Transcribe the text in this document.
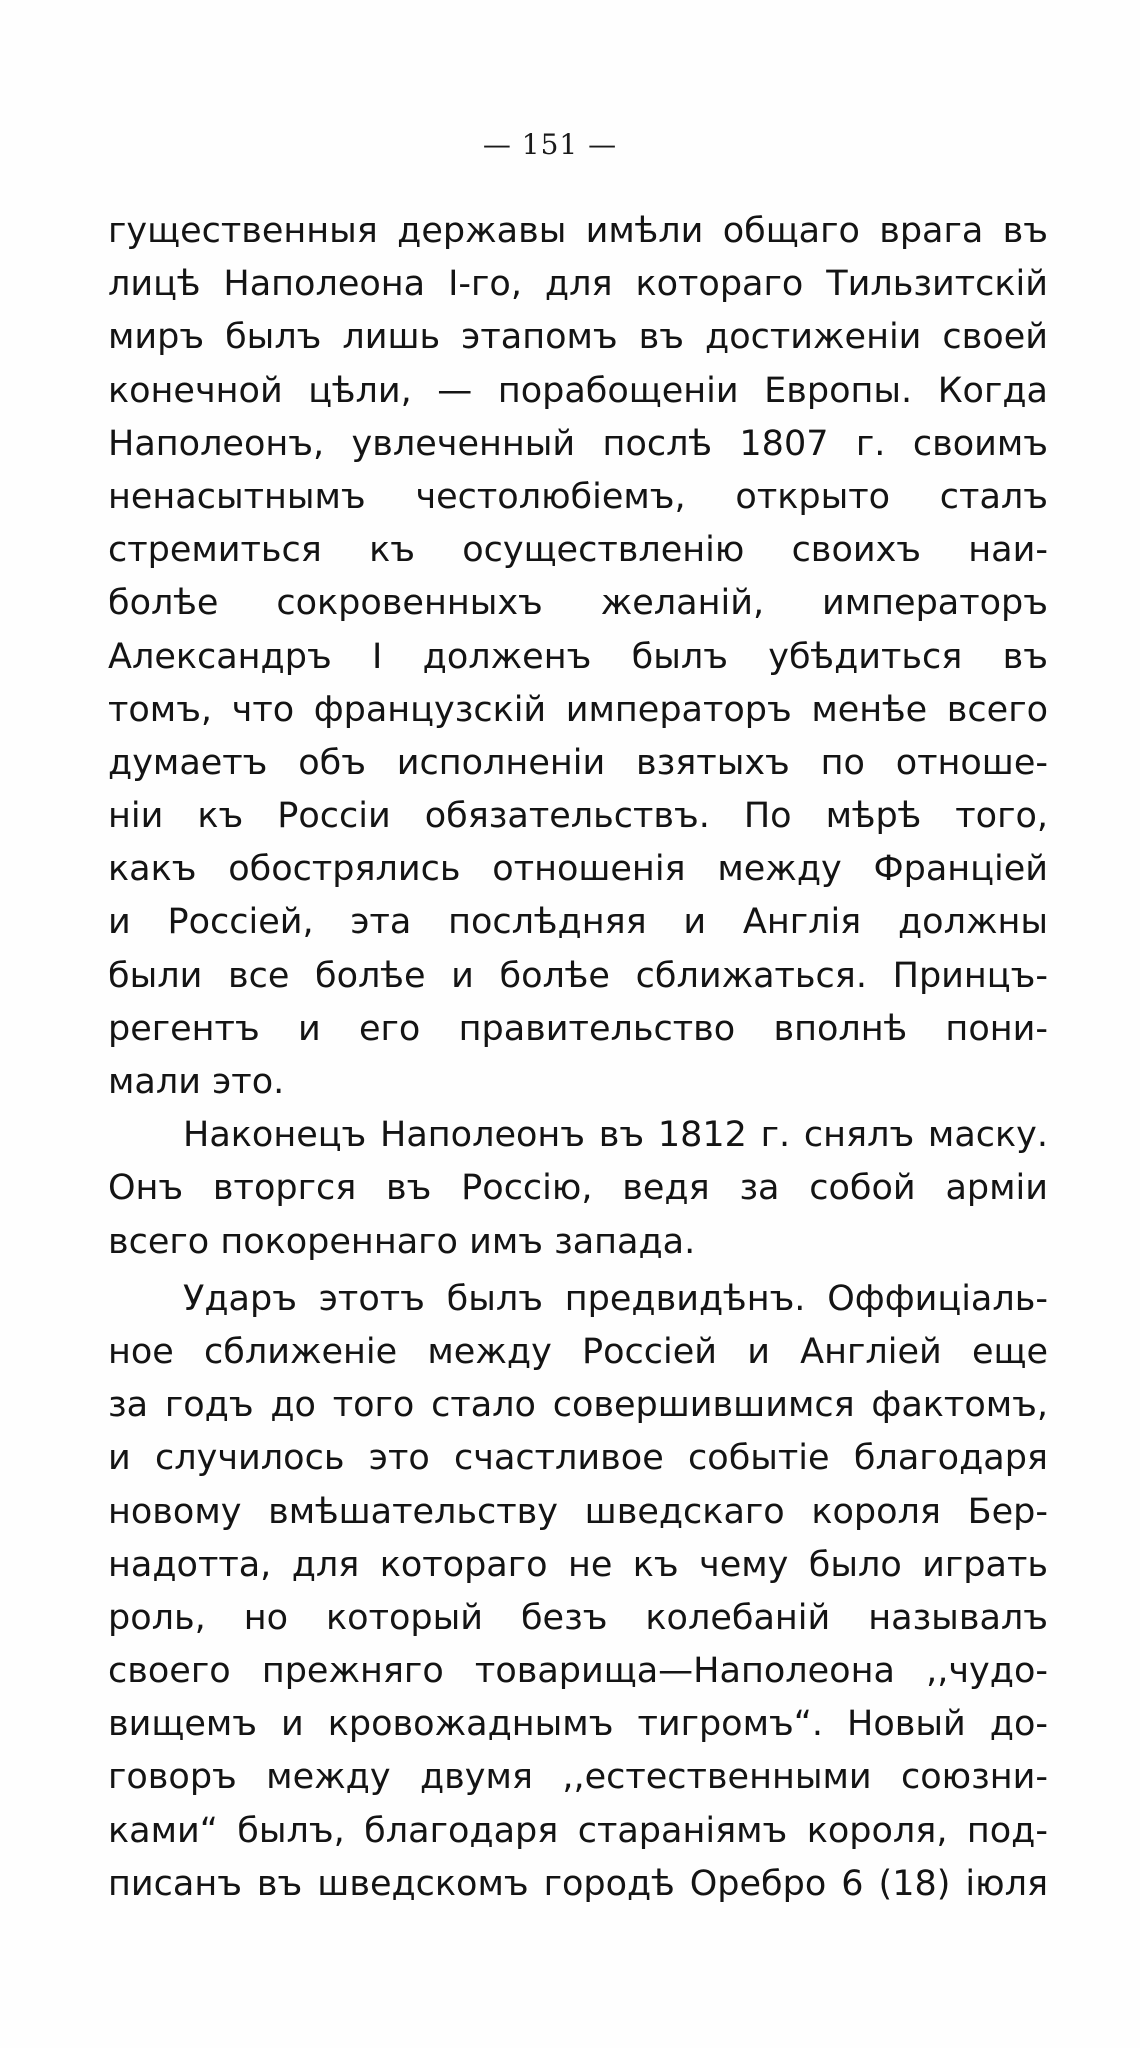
— 151 —
гущественныя державы имѣли общаго врага въ
лицѣ Наполеона І-го, для котораго Тильзитскій
миръ былъ лишь этапомъ въ достиженіи своей
конечной цѣли, — порабощеніи Европы. Когда
Наполеонъ, увлеченный послѣ 1807 г. своимъ
ненасытнымъ честолюбіемъ, открыто сталъ
стремиться къ осуществленію своихъ наи-
болѣе сокровенныхъ желаній, императоръ
Александръ І долженъ былъ убѣдиться въ
томъ, что французскій императоръ менѣе всего
думаетъ объ исполненіи взятыхъ по отноше-
ніи къ Россіи обязательствъ. По мѣрѣ того,
какъ обострялись отношенія между Франціей
и Россіей, эта послѣдняя и Англія должны
были все болѣе и болѣе сближаться. Принцъ-
регентъ и его правительство вполнѣ пони-
мали это.
Наконецъ Наполеонъ въ 1812 г. снялъ маску.
Онъ вторгся въ Россію, ведя за собой арміи
всего покореннаго имъ запада.
Ударъ этотъ былъ предвидѣнъ. Оффиціаль-
ное сближеніе между Россіей и Англіей еще
за годъ до того стало совершившимся фактомъ,
и случилось это счастливое событіе благодаря
новому вмѣшательству шведскаго короля Бер-
надотта, для котораго не къ чему было играть
роль, но который безъ колебаній называлъ
своего прежняго товарища—Наполеона ,,чудо-
вищемъ и кровожаднымъ тигромъ“. Новый до-
говоръ между двумя ,,естественными союзни-
ками“ былъ, благодаря стараніямъ короля, под-
писанъ въ шведскомъ городѣ Оребро 6 (18) іюля
